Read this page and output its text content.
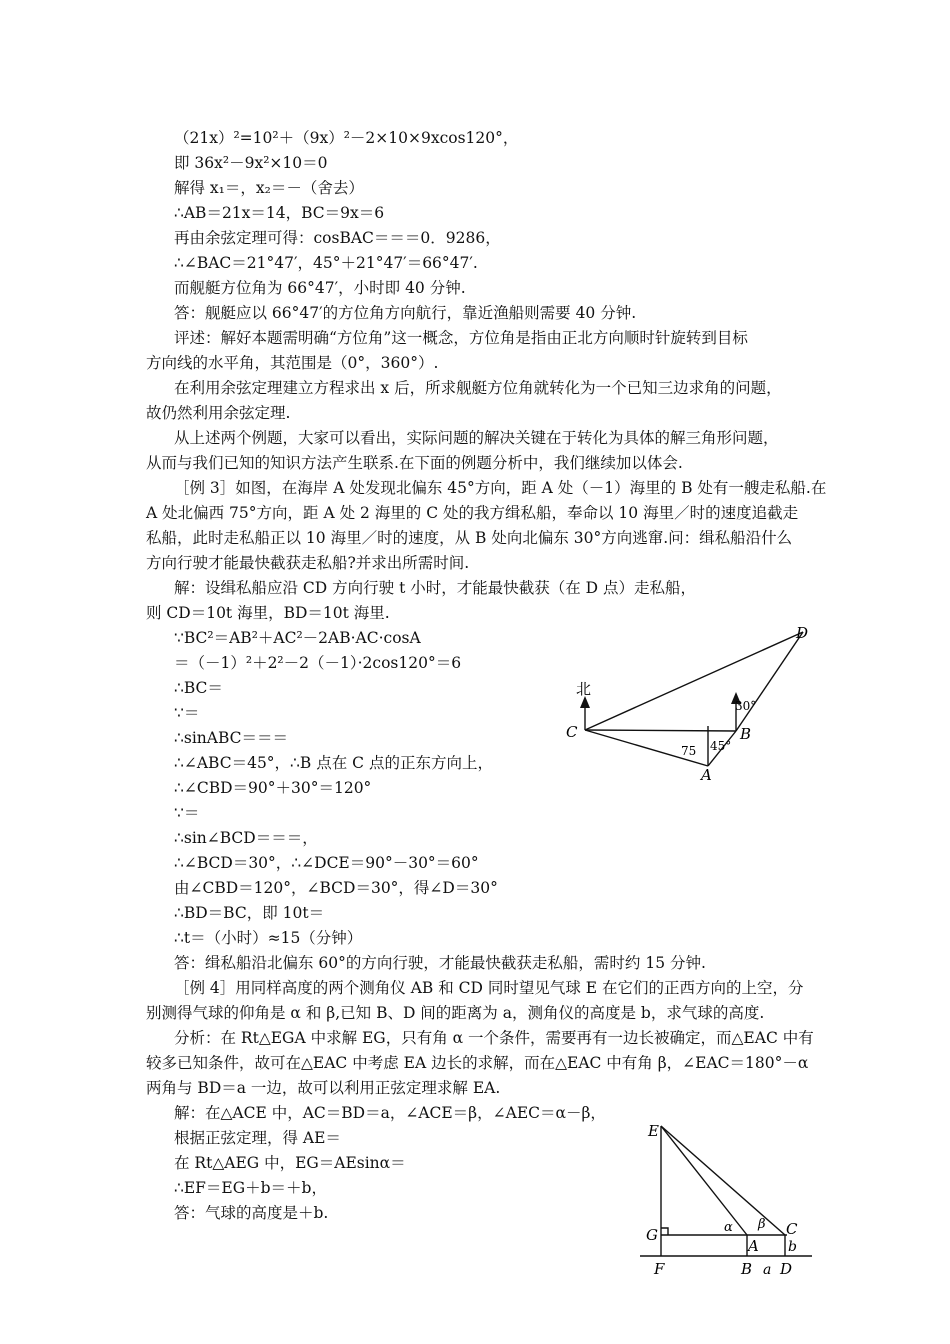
（21x）²=10²＋（9x）²－2×10×9xcos120°，
即 36x²－9x²×10＝0
解得 x₁＝，x₂＝－（舍去）
∴AB＝21x＝14，BC＝9x＝6
再由余弦定理可得：cosBAC＝＝＝0．9286，
∴∠BAC＝21°47′，45°＋21°47′＝66°47′.
而舰艇方位角为 66°47′，小时即 40 分钟.
答：舰艇应以 66°47′的方位角方向航行，靠近渔船则需要 40 分钟.
评述：解好本题需明确“方位角”这一概念，方位角是指由正北方向顺时针旋转到目标
方向线的水平角，其范围是（0°，360°）.
在利用余弦定理建立方程求出 x 后，所求舰艇方位角就转化为一个已知三边求角的问题，
故仍然利用余弦定理.
从上述两个例题，大家可以看出，实际问题的解决关键在于转化为具体的解三角形问题，
从而与我们已知的知识方法产生联系.在下面的例题分析中，我们继续加以体会.
［例 3］如图，在海岸 A 处发现北偏东 45°方向，距 A 处（－1）海里的 B 处有一艘走私船.在
A 处北偏西 75°方向，距 A 处 2 海里的 C 处的我方缉私船，奉命以 10 海里／时的速度追截走
私船，此时走私船正以 10 海里／时的速度，从 B 处向北偏东 30°方向逃窜.问：缉私船沿什么
方向行驶才能最快截获走私船?并求出所需时间.
解：设缉私船应沿 CD 方向行驶 t 小时，才能最快截获（在 D 点）走私船，
则 CD＝10t 海里，BD＝10t 海里.
∵BC²＝AB²＋AC²－2AB·AC·cosA
＝（－1）²＋2²－2（－1）·2cos120°＝6
∴BC＝
∵＝
∴sinABC＝＝＝
∴∠ABC＝45°，∴B 点在 C 点的正东方向上，
∴∠CBD＝90°＋30°＝120°
∵＝
∴sin∠BCD＝＝＝，
∴∠BCD＝30°，∴∠DCE＝90°－30°＝60°
由∠CBD＝120°，∠BCD＝30°，得∠D＝30°
∴BD＝BC，即 10t＝
∴t＝（小时）≈15（分钟）
答：缉私船沿北偏东 60°的方向行驶，才能最快截获走私船，需时约 15 分钟.
［例 4］用同样高度的两个测角仪 AB 和 CD 同时望见气球 E 在它们的正西方向的上空，分
别测得气球的仰角是 α 和 β,已知 B、D 间的距离为 a，测角仪的高度是 b，求气球的高度.
分析：在 Rt△EGA 中求解 EG，只有角 α 一个条件，需要再有一边长被确定，而△EAC 中有
较多已知条件，故可在△EAC 中考虑 EA 边长的求解，而在△EAC 中有角 β，∠EAC＝180°－α
两角与 BD＝a 一边，故可以利用正弦定理求解 EA.
解：在△ACE 中，AC＝BD＝a，∠ACE＝β，∠AEC＝α－β，
根据正弦定理，得 AE＝
在 Rt△AEG 中，EG＝AEsinα＝
∴EF＝EG＋b＝＋b，
答：气球的高度是＋b.
北
C	B
A
D
30°
75 45°
E
G
A
C
b
F	B a D
α β
